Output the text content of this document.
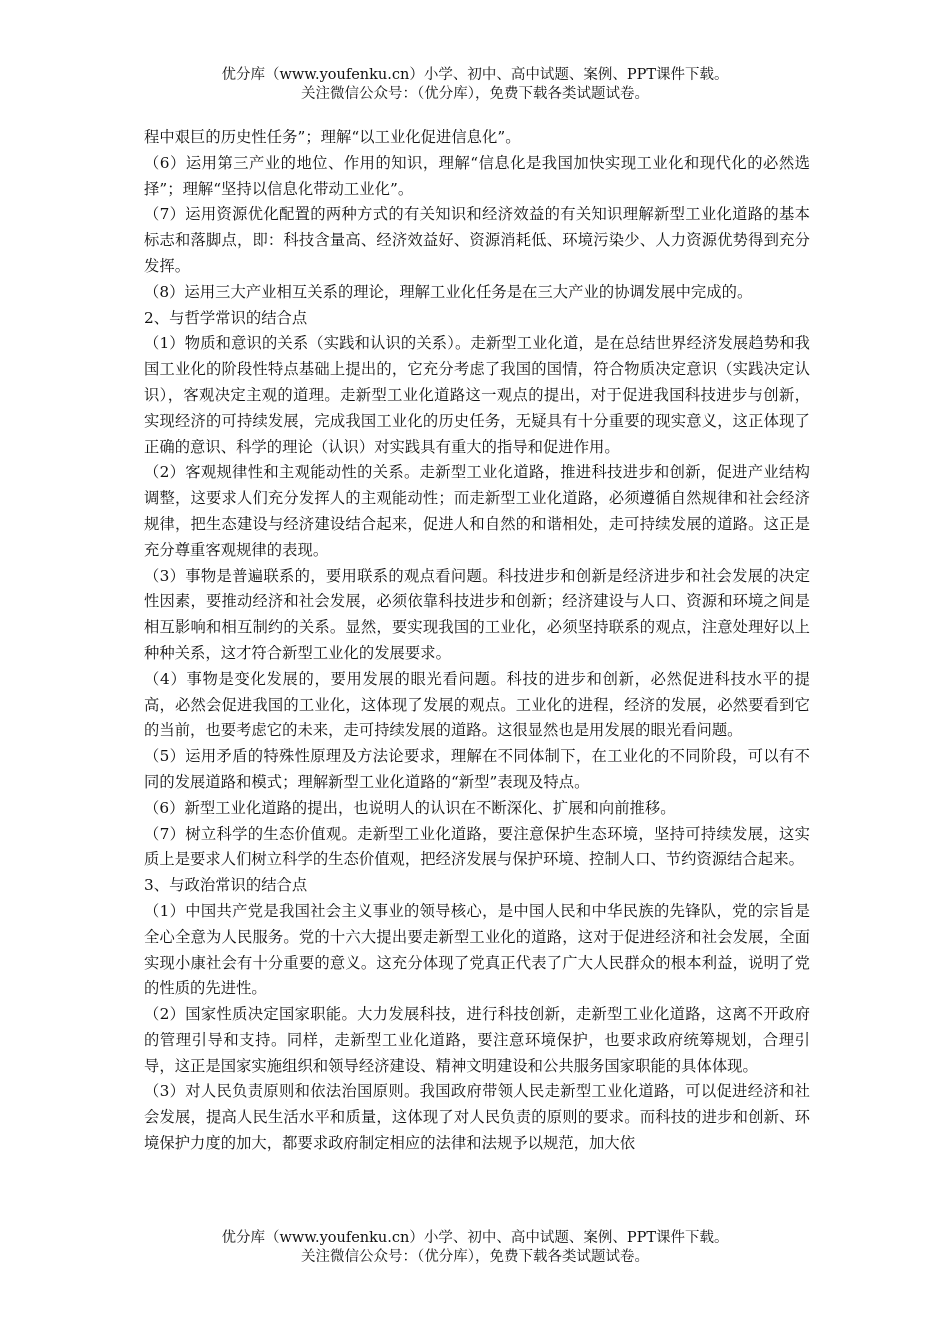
优分库（www.youfenku.cn）小学、初中、高中试题、案例、PPT课件下载。
关注微信公众号：（优分库），免费下载各类试题试卷。

程中艰巨的历史性任务”；理解“以工业化促进信息化”。

（6）运用第三产业的地位、作用的知识，理解“信息化是我国加快实现工业化和现代化的必然选择”；理解“坚持以信息化带动工业化”。

（7）运用资源优化配置的两种方式的有关知识和经济效益的有关知识理解新型工业化道路的基本标志和落脚点，即：科技含量高、经济效益好、资源消耗低、环境污染少、人力资源优势得到充分发挥。

（8）运用三大产业相互关系的理论，理解工业化任务是在三大产业的协调发展中完成的。

2、与哲学常识的结合点

（1）物质和意识的关系（实践和认识的关系）。走新型工业化道，是在总结世界经济发展趋势和我国工业化的阶段性特点基础上提出的，它充分考虑了我国的国情，符合物质决定意识（实践决定认识），客观决定主观的道理。走新型工业化道路这一观点的提出，对于促进我国科技进步与创新，实现经济的可持续发展，完成我国工业化的历史任务，无疑具有十分重要的现实意义，这正体现了正确的意识、科学的理论（认识）对实践具有重大的指导和促进作用。

（2）客观规律性和主观能动性的关系。走新型工业化道路，推进科技进步和创新，促进产业结构调整，这要求人们充分发挥人的主观能动性；而走新型工业化道路，必须遵循自然规律和社会经济规律，把生态建设与经济建设结合起来，促进人和自然的和谐相处，走可持续发展的道路。这正是充分尊重客观规律的表现。

（3）事物是普遍联系的，要用联系的观点看问题。科技进步和创新是经济进步和社会发展的决定性因素，要推动经济和社会发展，必须依靠科技进步和创新；经济建设与人口、资源和环境之间是相互影响和相互制约的关系。显然，要实现我国的工业化，必须坚持联系的观点，注意处理好以上种种关系，这才符合新型工业化的发展要求。

（4）事物是变化发展的，要用发展的眼光看问题。科技的进步和创新，必然促进科技水平的提高，必然会促进我国的工业化，这体现了发展的观点。工业化的进程，经济的发展，必然要看到它的当前，也要考虑它的未来，走可持续发展的道路。这很显然也是用发展的眼光看问题。

（5）运用矛盾的特殊性原理及方法论要求，理解在不同体制下，在工业化的不同阶段，可以有不同的发展道路和模式；理解新型工业化道路的“新型”表现及特点。

（6）新型工业化道路的提出，也说明人的认识在不断深化、扩展和向前推移。

（7）树立科学的生态价值观。走新型工业化道路，要注意保护生态环境，坚持可持续发展，这实质上是要求人们树立科学的生态价值观，把经济发展与保护环境、控制人口、节约资源结合起来。

3、与政治常识的结合点

（1）中国共产党是我国社会主义事业的领导核心，是中国人民和中华民族的先锋队，党的宗旨是全心全意为人民服务。党的十六大提出要走新型工业化的道路，这对于促进经济和社会发展，全面实现小康社会有十分重要的意义。这充分体现了党真正代表了广大人民群众的根本利益，说明了党的性质的先进性。

（2）国家性质决定国家职能。大力发展科技，进行科技创新，走新型工业化道路，这离不开政府的管理引导和支持。同样，走新型工业化道路，要注意环境保护，也要求政府统筹规划，合理引导，这正是国家实施组织和领导经济建设、精神文明建设和公共服务国家职能的具体体现。

（3）对人民负责原则和依法治国原则。我国政府带领人民走新型工业化道路，可以促进经济和社会发展，提高人民生活水平和质量，这体现了对人民负责的原则的要求。而科技的进步和创新、环境保护力度的加大，都要求政府制定相应的法律和法规予以规范，加大依

优分库（www.youfenku.cn）小学、初中、高中试题、案例、PPT课件下载。
关注微信公众号：（优分库），免费下载各类试题试卷。
